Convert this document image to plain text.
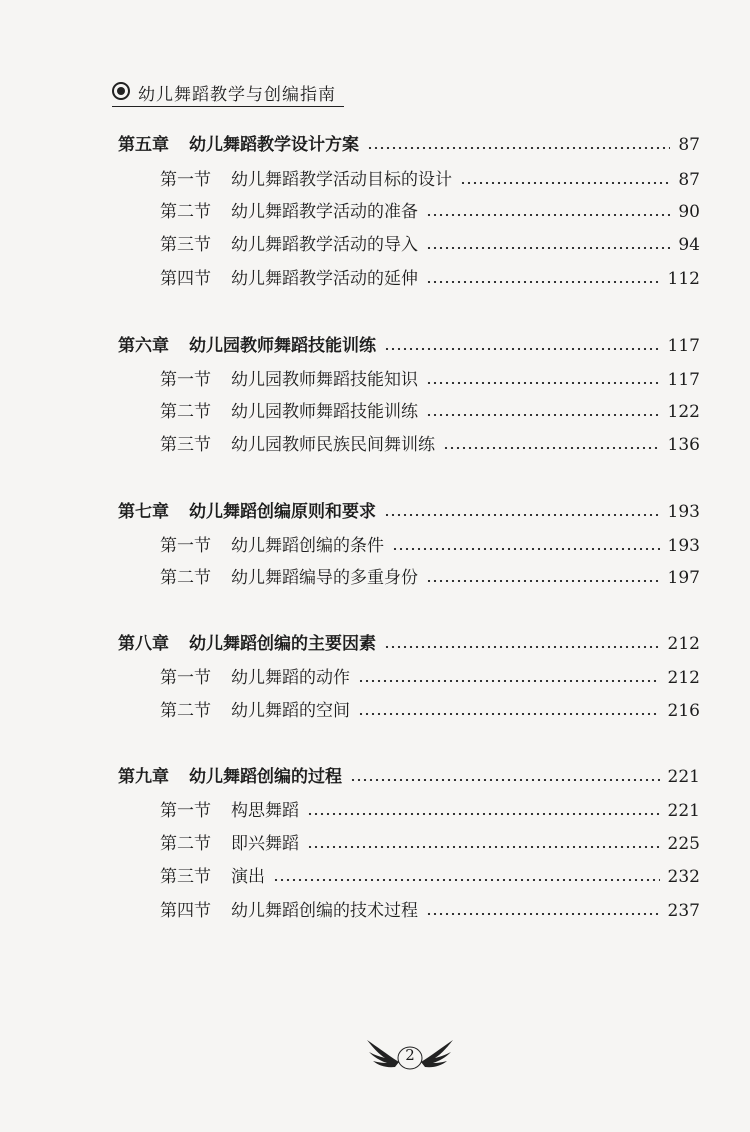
幼儿舞蹈教学与创编指南
第五章 幼儿舞蹈教学设计方案	87
第一节 幼儿舞蹈教学活动目标的设计	87
第二节 幼儿舞蹈教学活动的准备	90
第三节 幼儿舞蹈教学活动的导入	94
第四节 幼儿舞蹈教学活动的延伸	112
第六章 幼儿园教师舞蹈技能训练	117
第一节 幼儿园教师舞蹈技能知识	117
第二节 幼儿园教师舞蹈技能训练	122
第三节 幼儿园教师民族民间舞训练	136
第七章 幼儿舞蹈创编原则和要求	193
第一节 幼儿舞蹈创编的条件	193
第二节 幼儿舞蹈编导的多重身份	197
第八章 幼儿舞蹈创编的主要因素	212
第一节 幼儿舞蹈的动作	212
第二节 幼儿舞蹈的空间	216
第九章 幼儿舞蹈创编的过程	221
第一节 构思舞蹈	221
第二节 即兴舞蹈	225
第三节 演出	232
第四节 幼儿舞蹈创编的技术过程	237
2
